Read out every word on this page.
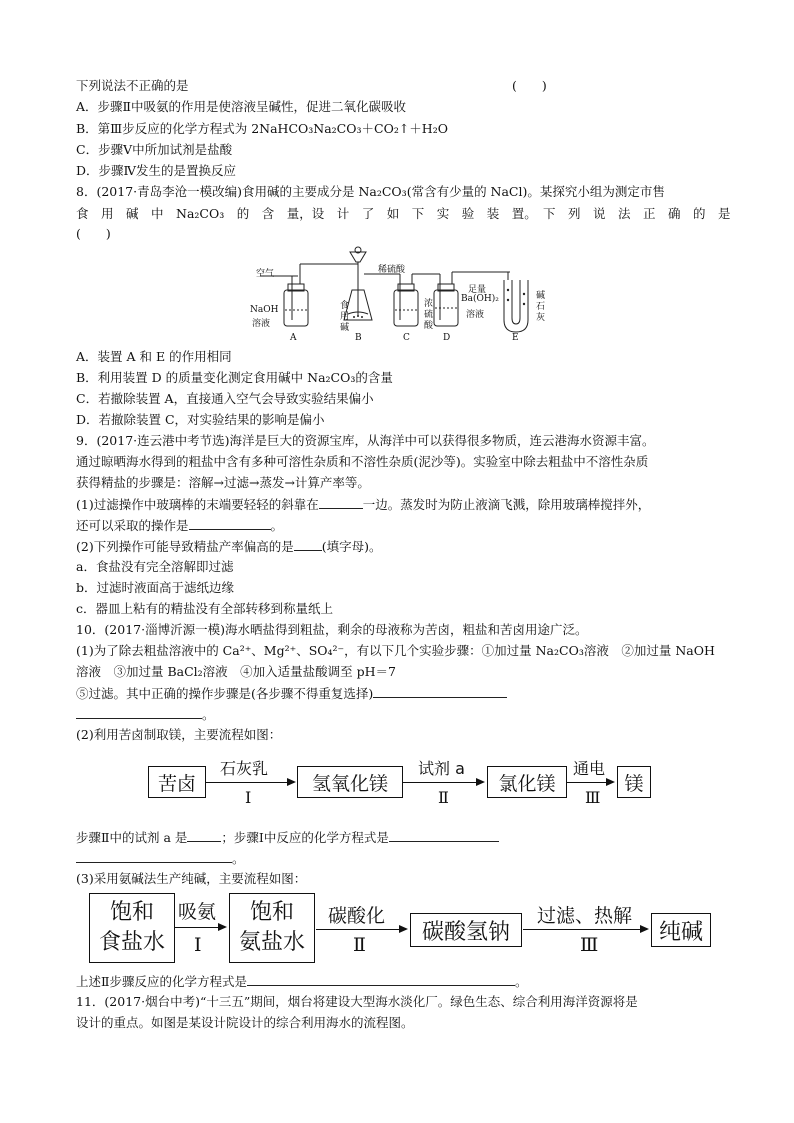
下列说法不正确的是	(　　)
A．步骤Ⅱ中吸氨的作用是使溶液呈碱性，促进二氧化碳吸收
B．第Ⅲ步反应的化学方程式为 2NaHCO₃Na₂CO₃＋CO₂↑＋H₂O
C．步骤Ⅴ中所加试剂是盐酸
D．步骤Ⅳ发生的是置换反应
8．(2017·青岛李沧一模改编)食用碱的主要成分是 Na₂CO₃(常含有少量的 NaCl)。某探究小组为测定市售
食　用　碱　中　Na₂CO₃　的　含　量，设　计　了　如　下　实　验　装　置。　下　列　说　法　正　确　的　是
(　　)
空气	稀硫酸
NaOH
溶液
食
用
碱
浓
硫
酸
足量
Ba(OH)₂
溶液
碱
石
灰
A	B	C	D	E
A．装置 A 和 E 的作用相同
B．利用装置 D 的质量变化测定食用碱中 Na₂CO₃的含量
C．若撤除装置 A，直接通入空气会导致实验结果偏小
D．若撤除装置 C，对实验结果的影响是偏小
9．(2017·连云港中考节选)海洋是巨大的资源宝库，从海洋中可以获得很多物质，连云港海水资源丰富。
通过晾晒海水得到的粗盐中含有多种可溶性杂质和不溶性杂质(泥沙等)。实验室中除去粗盐中不溶性杂质
获得精盐的步骤是：溶解→过滤→蒸发→计算产率等。
(1)过滤操作中玻璃棒的末端要轻轻的斜靠在	一边。蒸发时为防止液滴飞溅，除用玻璃棒搅拌外，
还可以采取的操作是	。
(2)下列操作可能导致精盐产率偏高的是 (填字母)。
a．食盐没有完全溶解即过滤
b．过滤时液面高于滤纸边缘
c．器皿上粘有的精盐没有全部转移到称量纸上
10．(2017·淄博沂源一模)海水晒盐得到粗盐，剩余的母液称为苦卤，粗盐和苦卤用途广泛。
(1)为了除去粗盐溶液中的 Ca²⁺、Mg²⁺、SO₄²⁻，有以下几个实验步骤：①加过量 Na₂CO₃溶液　②加过量 NaOH
溶液　③加过量 BaCl₂溶液　④加入适量盐酸调至 pH＝7
⑤过滤。其中正确的操作步骤是(各步骤不得重复选择)
。
(2)利用苦卤制取镁，主要流程如图：
苦卤
石灰乳
Ⅰ
氢氧化镁
试剂 a
Ⅱ
氯化镁
通电
Ⅲ
镁
步骤Ⅱ中的试剂 a 是	；步骤Ⅰ中反应的化学方程式是
。
(3)采用氨碱法生产纯碱，主要流程如图：
饱和
食盐水
吸氨
Ⅰ
饱和
氨盐水
碳酸化
Ⅱ
碳酸氢钠
过滤、热解
Ⅲ
纯碱
上述Ⅱ步骤反应的化学方程式是	。
11．(2017·烟台中考)“十三五”期间，烟台将建设大型海水淡化厂。绿色生态、综合利用海洋资源将是
设计的重点。如图是某设计院设计的综合利用海水的流程图。
